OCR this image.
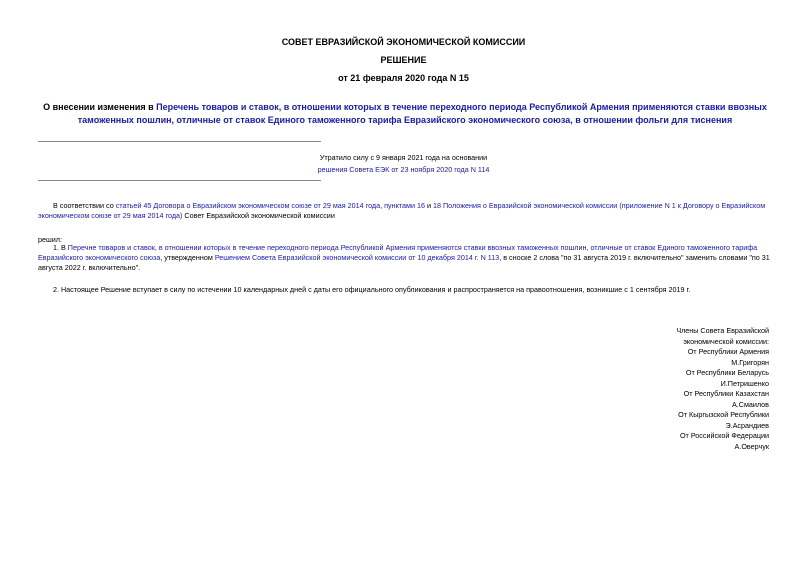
СОВЕТ ЕВРАЗИЙСКОЙ ЭКОНОМИЧЕСКОЙ КОМИССИИ
РЕШЕНИЕ
от 21 февраля 2020 года N 15
О внесении изменения в Перечень товаров и ставок, в отношении которых в течение переходного периода Республикой Армения применяются ставки ввозных таможенных пошлин, отличные от ставок Единого таможенного тарифа Евразийского экономического союза, в отношении фольги для тиснения
Утратило силу с 9 января 2021 года на основании
решения Совета ЕЭК от 23 ноября 2020 года N 114
В соответствии со статьей 45 Договора о Евразийском экономическом союзе от 29 мая 2014 года, пунктами 16 и 18 Положения о Евразийской экономической комиссии (приложение N 1 к Договору о Евразийском экономическом союзе от 29 мая 2014 года) Совет Евразийской экономической комиссии
решил:
1. В Перечне товаров и ставок, в отношении которых в течение переходного периода Республикой Армения применяются ставки ввозных таможенных пошлин, отличные от ставок Единого таможенного тарифа Евразийского экономического союза, утвержденном Решением Совета Евразийской экономической комиссии от 10 декабря 2014 г. N 113, в сноске 2 слова "по 31 августа 2019 г. включительно" заменить словами "по 31 августа 2022 г. включительно".
2. Настоящее Решение вступает в силу по истечении 10 календарных дней с даты его официального опубликования и распространяется на правоотношения, возникшие с 1 сентября 2019 г.
Члены Совета Евразийской
экономической комиссии:
От Республики Армения
М.Григорян
От Республики Беларусь
И.Петришенко
От Республики Казахстан
А.Смаилов
От Кыргызской Республики
Э.Асрандиев
От Российской Федерации
А.Оверчук
